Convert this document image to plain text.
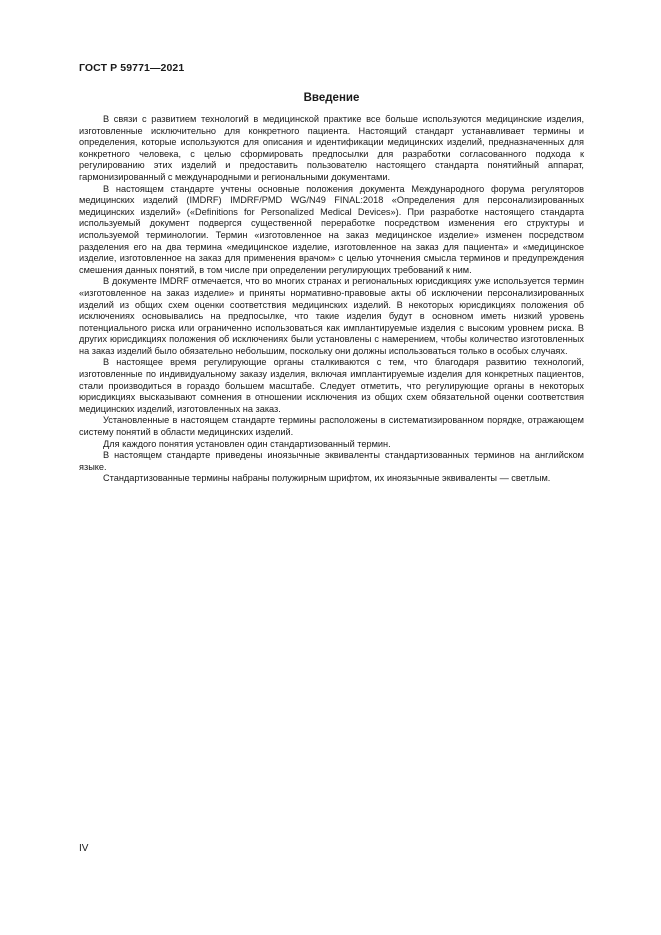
ГОСТ Р 59771—2021
Введение

В связи с развитием технологий в медицинской практике все больше используются медицинские изделия, изготовленные исключительно для конкретного пациента. Настоящий стандарт устанавливает термины и определения, которые используются для описания и идентификации медицинских изделий, предназначенных для конкретного человека, с целью сформировать предпосылки для разработки согласованного подхода к регулированию этих изделий и предоставить пользователю настоящего стандарта понятийный аппарат, гармонизированный с международными и региональными документами.

В настоящем стандарте учтены основные положения документа Международного форума регуляторов медицинских изделий (IMDRF) IMDRF/PMD WG/N49 FINAL:2018 «Определения для персонализированных медицинских изделий» («Definitions for Personalized Medical Devices»). При разработке настоящего стандарта используемый документ подвергся существенной переработке посредством изменения его структуры и используемой терминологии. Термин «изготовленное на заказ медицинское изделие» изменен посредством разделения его на два термина «медицинское изделие, изготовленное на заказ для пациента» и «медицинское изделие, изготовленное на заказ для применения врачом» с целью уточнения смысла терминов и предупреждения смешения данных понятий, в том числе при определении регулирующих требований к ним.

В документе IMDRF отмечается, что во многих странах и региональных юрисдикциях уже используется термин «изготовленное на заказ изделие» и приняты нормативно-правовые акты об исключении персонализированных изделий из общих схем оценки соответствия медицинских изделий. В некоторых юрисдикциях положения об исключениях основывались на предпосылке, что такие изделия будут в основном иметь низкий уровень потенциального риска или ограниченно использоваться как имплантируемые изделия с высоким уровнем риска. В других юрисдикциях положения об исключениях были установлены с намерением, чтобы количество изготовленных на заказ изделий было обязательно небольшим, поскольку они должны использоваться только в особых случаях.

В настоящее время регулирующие органы сталкиваются с тем, что благодаря развитию технологий, изготовленные по индивидуальному заказу изделия, включая имплантируемые изделия для конкретных пациентов, стали производиться в гораздо большем масштабе. Следует отметить, что регулирующие органы в некоторых юрисдикциях высказывают сомнения в отношении исключения из общих схем обязательной оценки соответствия медицинских изделий, изготовленных на заказ.

Установленные в настоящем стандарте термины расположены в систематизированном порядке, отражающем систему понятий в области медицинских изделий.

Для каждого понятия установлен один стандартизованный термин.

В настоящем стандарте приведены иноязычные эквиваленты стандартизованных терминов на английском языке.

Стандартизованные термины набраны полужирным шрифтом, их иноязычные эквиваленты — светлым.

IV
